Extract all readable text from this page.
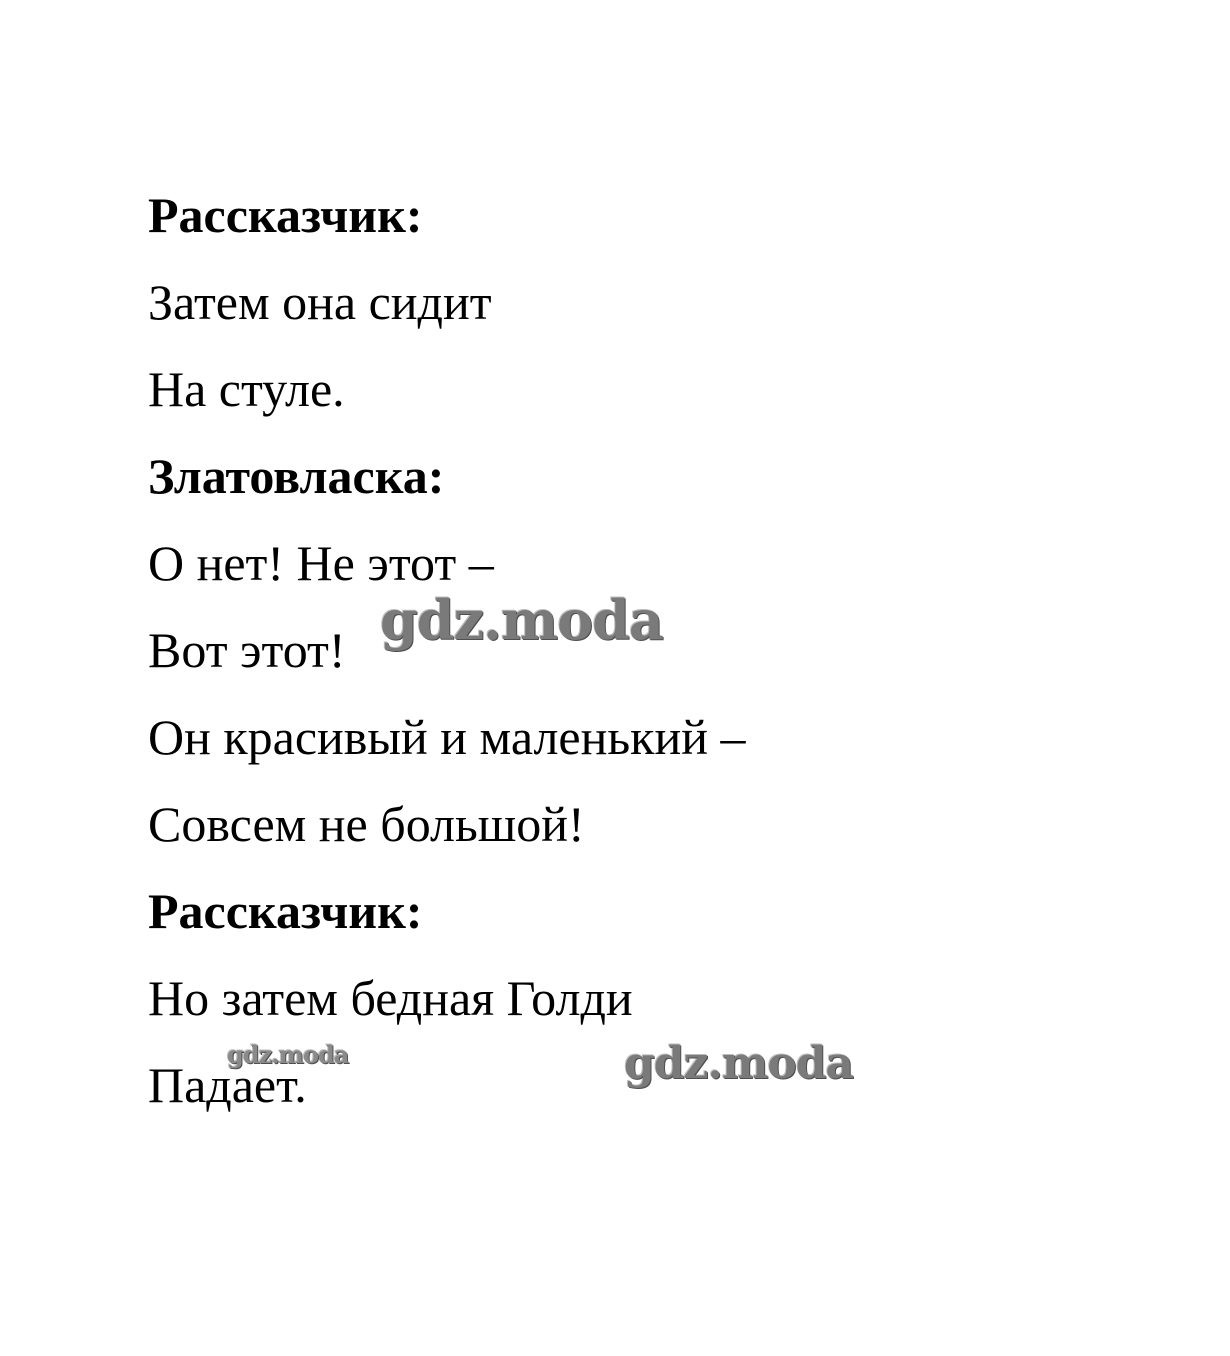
Рассказчик:
Затем она сидит
На стуле.
Златовласка:
О нет! Не этот –
Вот этот!
Он красивый и маленький –
Совсем не большой!
Рассказчик:
Но затем бедная Голди
Падает.
gdz.moda
gdz.moda	gdz.moda
